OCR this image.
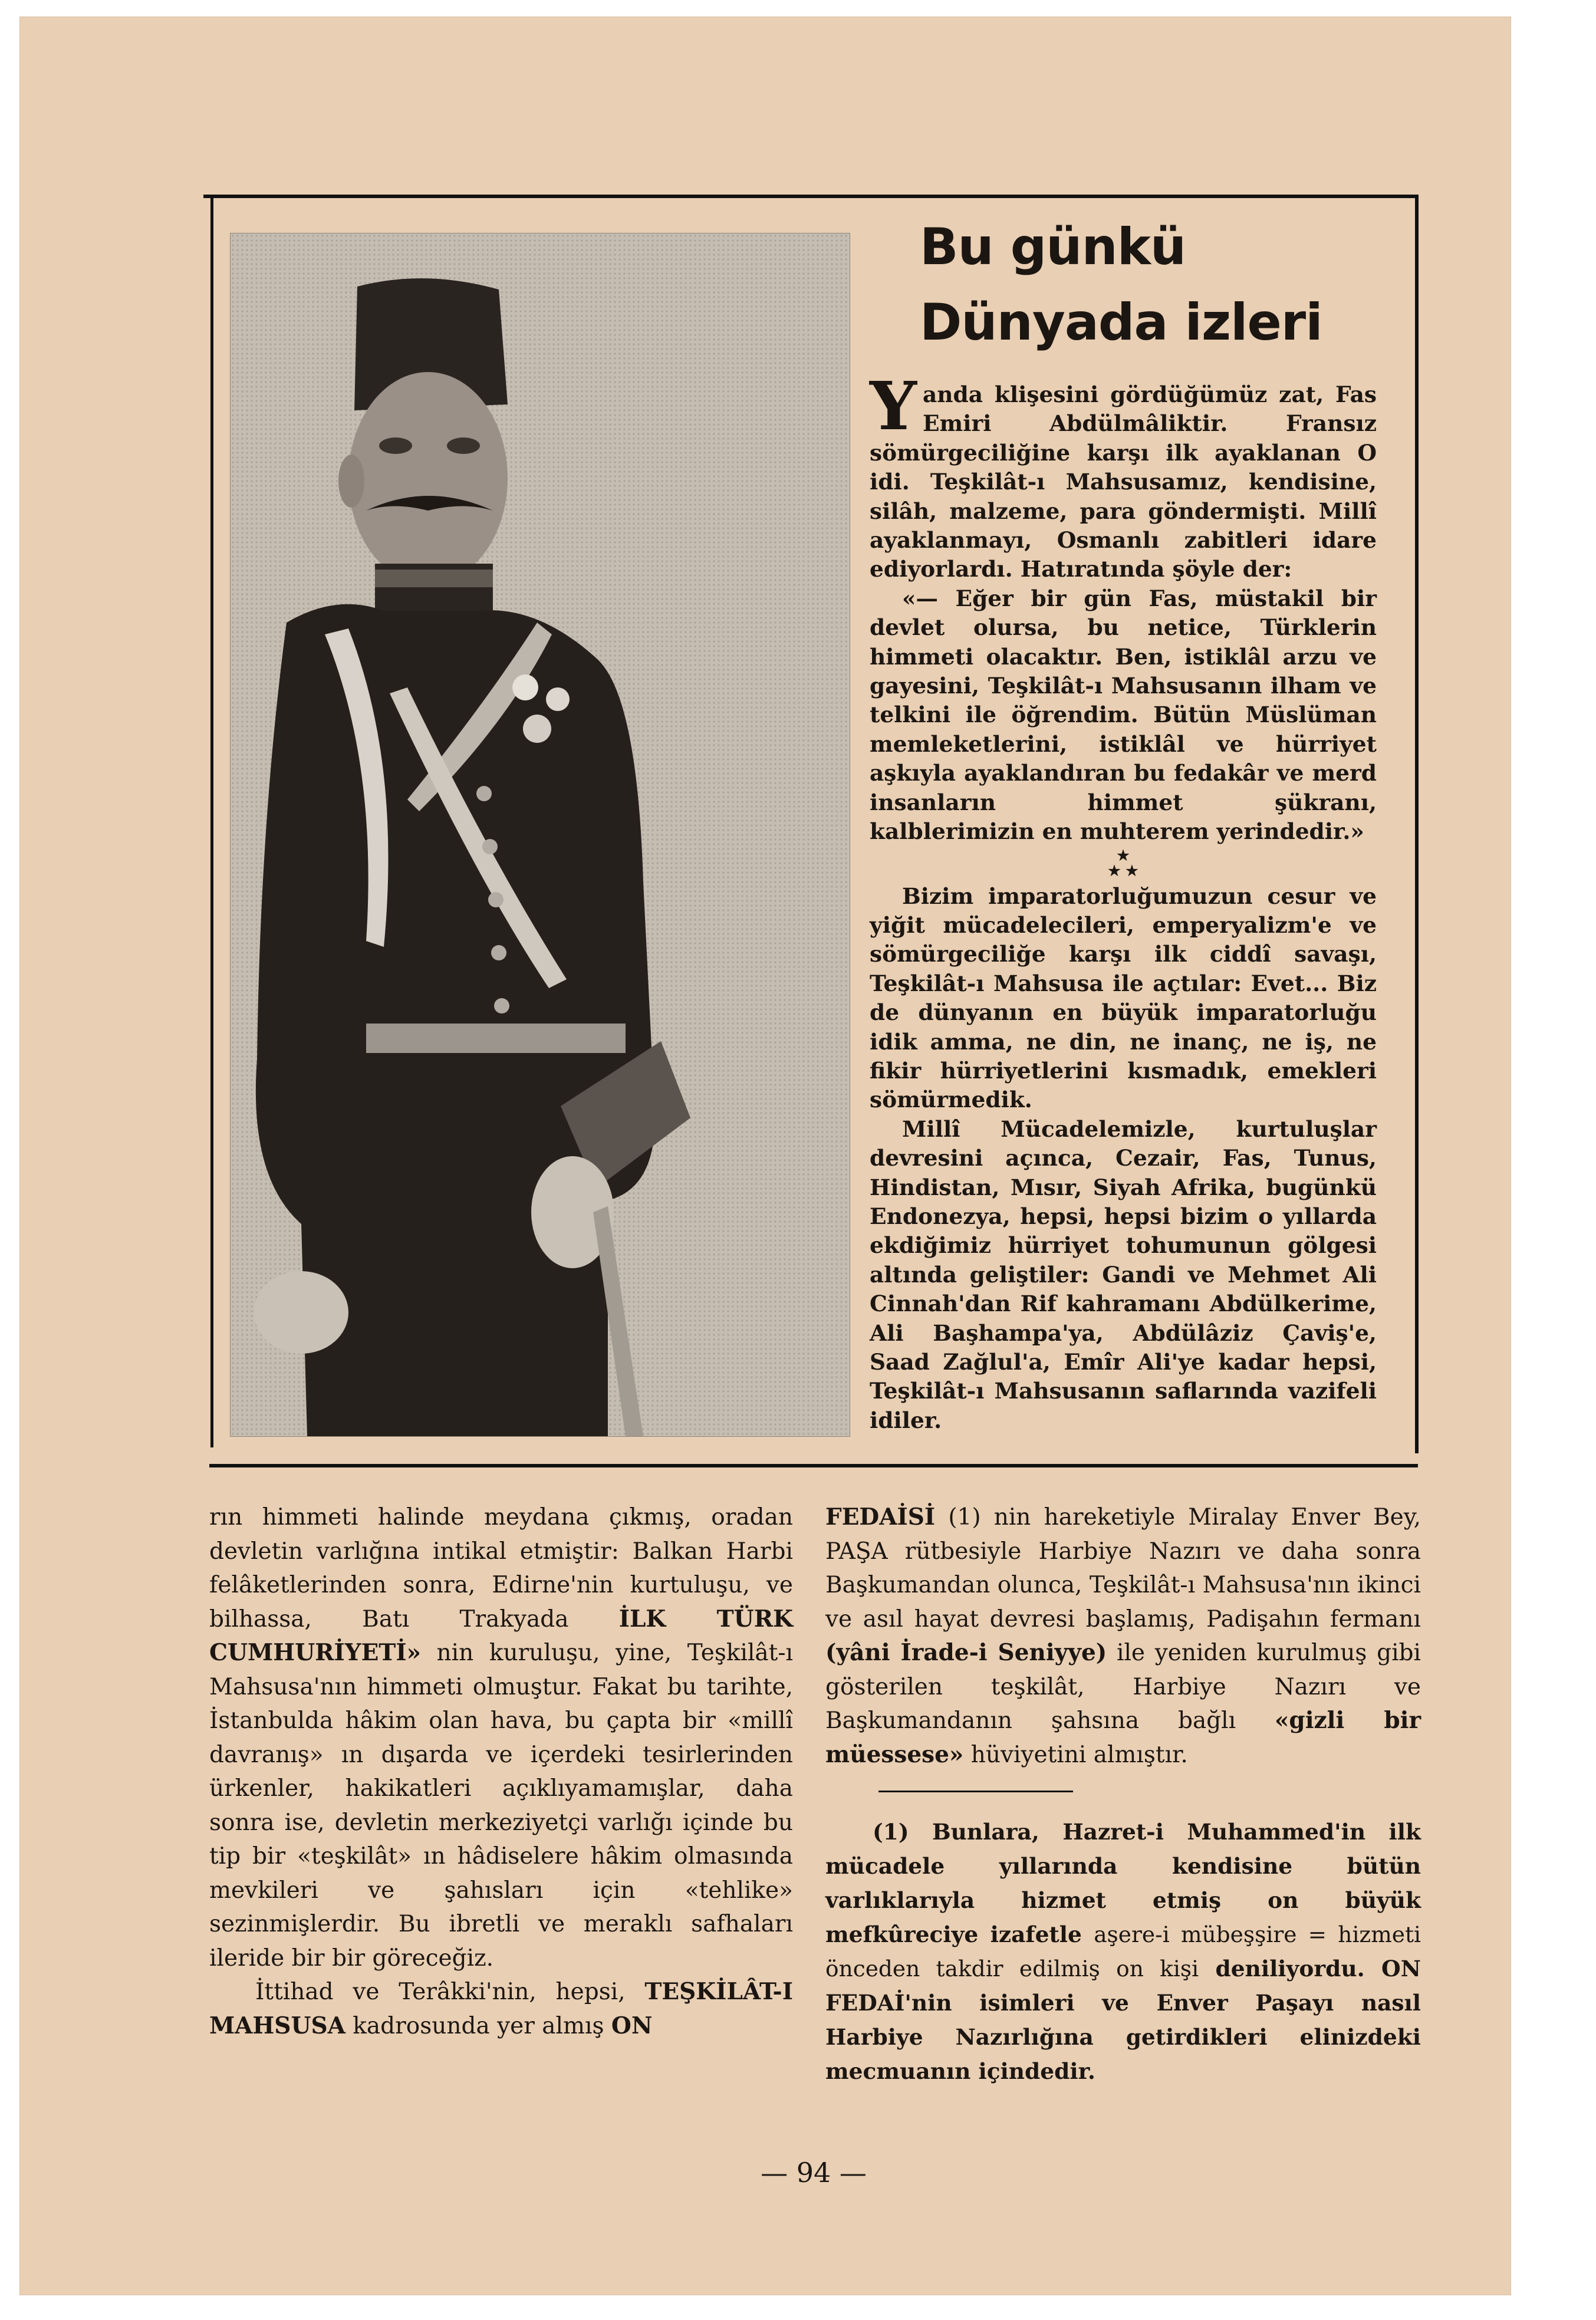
Bu günkü
Dünyada izleri

Yanda klişesini gördüğümüz zat, Fas Emiri Abdülmâliktir. Fransız sömürgeciliğine karşı ilk ayaklanan O idi. Teşkilât-ı Mahsusamız, kendisine, silâh, malzeme, para göndermişti. Millî ayaklanmayı, Osmanlı zabitleri idare ediyorlardı. Hatıratında şöyle der:

«— Eğer bir gün Fas, müstakil bir devlet olursa, bu netice, Türklerin himmeti olacaktır. Ben, istiklâl arzu ve gayesini, Teşkilât-ı Mahsusanın ilham ve telkini ile öğrendim. Bütün Müslüman memleketlerini, istiklâl ve hürriyet aşkıyla ayaklandıran bu fedakâr ve merd insanların himmet şükranı, kalblerimizin en muhterem yerindedir.»

★
★ ★

Bizim imparatorluğumuzun cesur ve yiğit mücadelecileri, emperyalizm'e ve sömürgeciliğe karşı ilk ciddî savaşı, Teşkilât-ı Mahsusa ile açtılar: Evet... Biz de dünyanın en büyük imparatorluğu idik amma, ne din, ne inanç, ne iş, ne fikir hürriyetlerini kısmadık, emekleri sömürmedik.

Millî Mücadelemizle, kurtuluşlar devresini açınca, Cezair, Fas, Tunus, Hindistan, Mısır, Siyah Afrika, bugünkü Endonezya, hepsi, hepsi bizim o yıllarda ekdiğimiz hürriyet tohumunun gölgesi altında geliştiler: Gandi ve Mehmet Ali Cinnah'dan Rif kahramanı Abdülkerime, Ali Başhampa'ya, Abdülâziz Çaviş'e, Saad Zağlul'a, Emîr Ali'ye kadar hepsi, Teşkilât-ı Mahsusanın saflarında vazifeli idiler.

rın himmeti halinde meydana çıkmış, oradan devletin varlığına intikal etmiştir: Balkan Harbi felâketlerinden sonra, Edirne'nin kurtuluşu, ve bilhassa, Batı Trakyada İLK TÜRK CUMHURİYETİ» nin kuruluşu, yine, Teşkilât-ı Mahsusa'nın himmeti olmuştur. Fakat bu tarihte, İstanbulda hâkim olan hava, bu çapta bir «millî davranış» ın dışarda ve içerdeki tesirlerinden ürkenler, hakikatleri açıklıyamamışlar, daha sonra ise, devletin merkeziyetçi varlığı içinde bu tip bir «teşkilât» ın hâdiselere hâkim olmasında mevkileri ve şahısları için «tehlike» sezinmişlerdir. Bu ibretli ve meraklı safhaları ileride bir bir göreceğiz.

İttihad ve Terâkki'nin, hepsi, TEŞKİLÂT-I MAHSUSA kadrosunda yer almış ON

FEDAİSİ (1) nin hareketiyle Miralay Enver Bey, PAŞA rütbesiyle Harbiye Nazırı ve daha sonra Başkumandan olunca, Teşkilât-ı Mahsusa'nın ikinci ve asıl hayat devresi başlamış, Padişahın fermanı (yâni İrade-i Seniyye) ile yeniden kurulmuş gibi gösterilen teşkilât, Harbiye Nazırı ve Başkumandanın şahsına bağlı «gizli bir müessese» hüviyetini almıştır.

(1) Bunlara, Hazret-i Muhammed'in ilk mücadele yıllarında kendisine bütün varlıklarıyla hizmet etmiş on büyük mefkûreciye izafetle aşere-i mübeşşire = hizmeti önceden takdir edilmiş on kişi deniliyordu. ON FEDAİ'nin isimleri ve Enver Paşayı nasıl Harbiye Nazırlığına getirdikleri elinizdeki mecmuanın içindedir.

— 94 —
